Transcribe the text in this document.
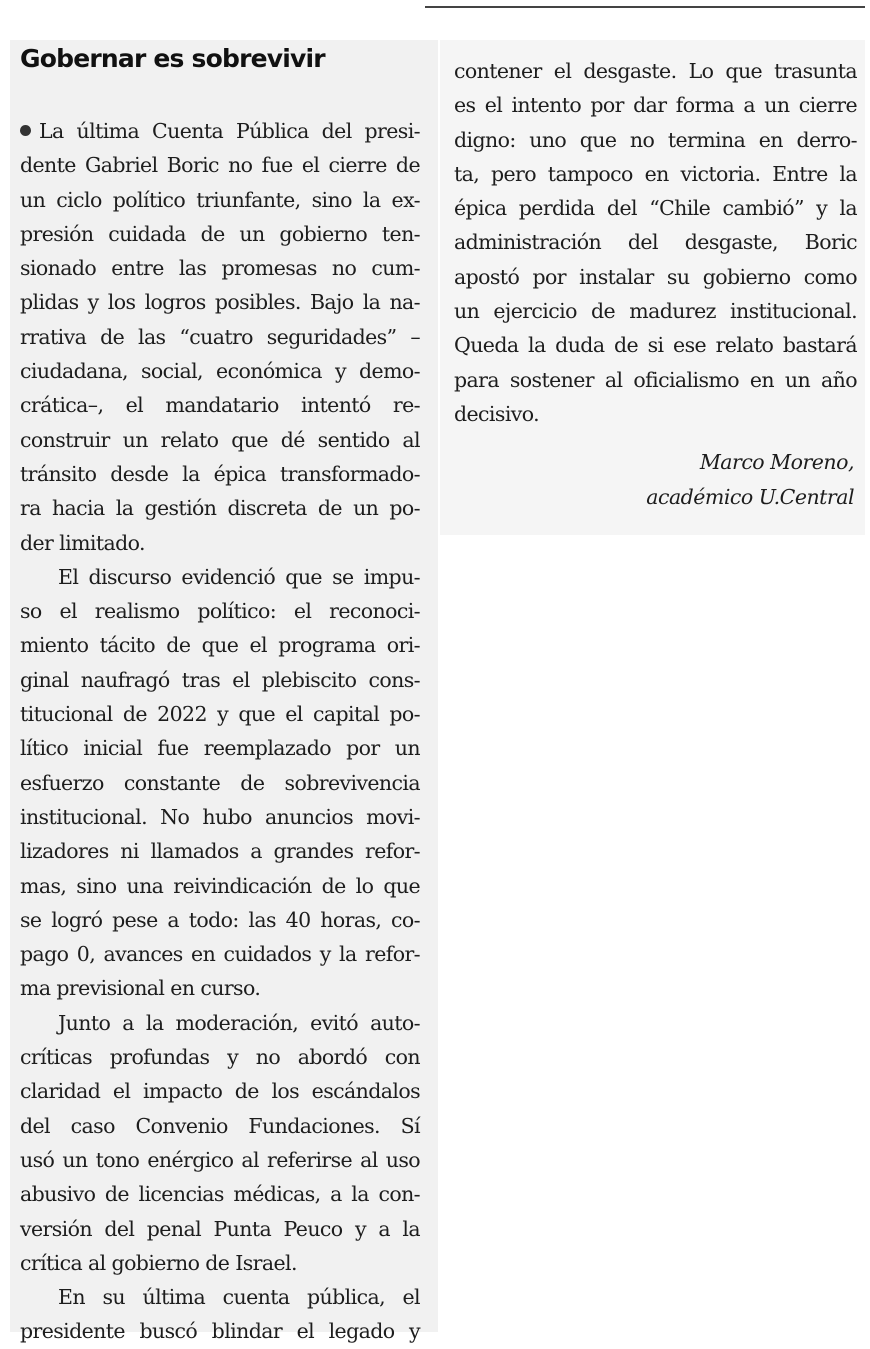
Gobernar es sobrevivir
La última Cuenta Pública del presi-
dente Gabriel Boric no fue el cierre de
un ciclo político triunfante, sino la ex-
presión cuidada de un gobierno ten-
sionado entre las promesas no cum-
plidas y los logros posibles. Bajo la na-
rrativa de las “cuatro seguridades” –
ciudadana, social, económica y demo-
crática–, el mandatario intentó re-
construir un relato que dé sentido al
tránsito desde la épica transformado-
ra hacia la gestión discreta de un po-
der limitado.
El discurso evidenció que se impu-
so el realismo político: el reconoci-
miento tácito de que el programa ori-
ginal naufragó tras el plebiscito cons-
titucional de 2022 y que el capital po-
lítico inicial fue reemplazado por un
esfuerzo constante de sobrevivencia
institucional. No hubo anuncios movi-
lizadores ni llamados a grandes refor-
mas, sino una reivindicación de lo que
se logró pese a todo: las 40 horas, co-
pago 0, avances en cuidados y la refor-
ma previsional en curso.
Junto a la moderación, evitó auto-
críticas profundas y no abordó con
claridad el impacto de los escándalos
del caso Convenio Fundaciones. Sí
usó un tono enérgico al referirse al uso
abusivo de licencias médicas, a la con-
versión del penal Punta Peuco y a la
crítica al gobierno de Israel.
En su última cuenta pública, el
presidente buscó blindar el legado y
contener el desgaste. Lo que trasunta
es el intento por dar forma a un cierre
digno: uno que no termina en derro-
ta, pero tampoco en victoria. Entre la
épica perdida del “Chile cambió” y la
administración del desgaste, Boric
apostó por instalar su gobierno como
un ejercicio de madurez institucional.
Queda la duda de si ese relato bastará
para sostener al oficialismo en un año
decisivo.
Marco Moreno,
académico U.Central
